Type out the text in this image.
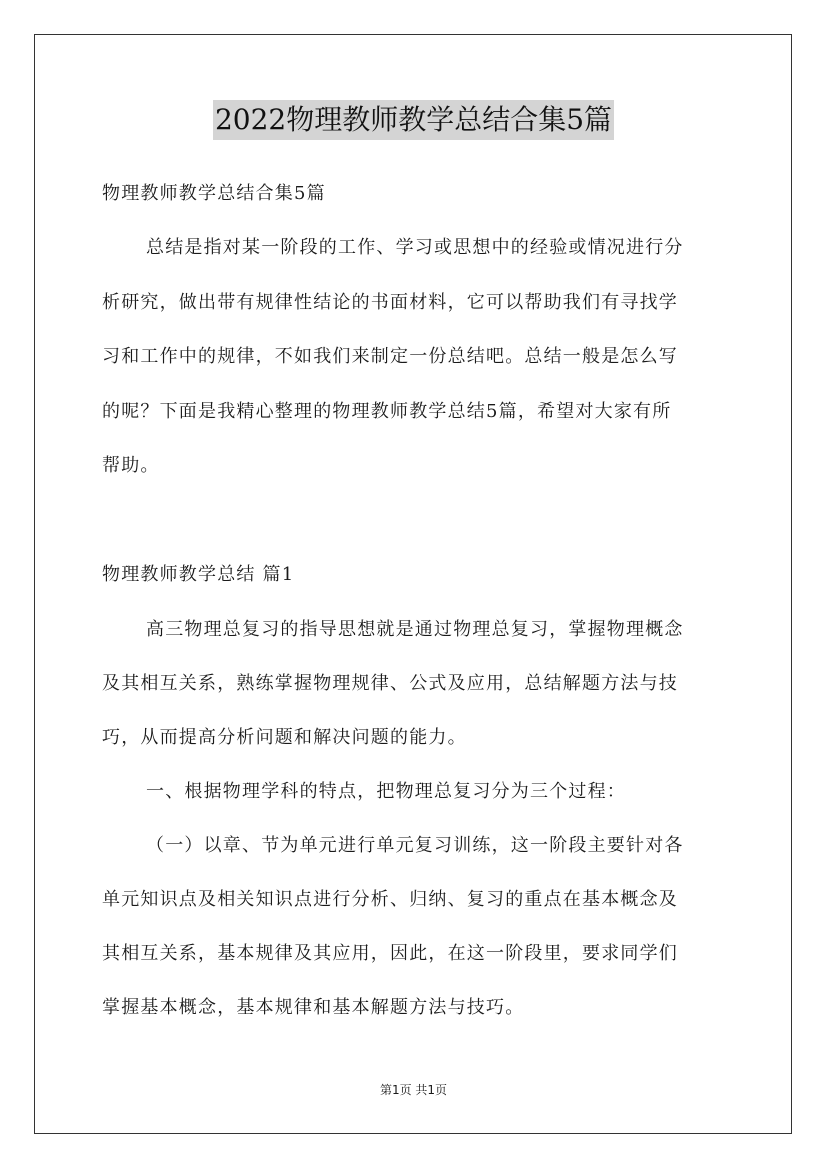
2022物理教师教学总结合集5篇
物理教师教学总结合集5篇
总结是指对某一阶段的工作、学习或思想中的经验或情况进行分
析研究，做出带有规律性结论的书面材料，它可以帮助我们有寻找学
习和工作中的规律，不如我们来制定一份总结吧。总结一般是怎么写
的呢？下面是我精心整理的物理教师教学总结5篇，希望对大家有所
帮助。
物理教师教学总结 篇1
高三物理总复习的指导思想就是通过物理总复习，掌握物理概念
及其相互关系，熟练掌握物理规律、公式及应用，总结解题方法与技
巧，从而提高分析问题和解决问题的能力。
一、根据物理学科的特点，把物理总复习分为三个过程：
（一）以章、节为单元进行单元复习训练，这一阶段主要针对各
单元知识点及相关知识点进行分析、归纳、复习的重点在基本概念及
其相互关系，基本规律及其应用，因此，在这一阶段里，要求同学们
掌握基本概念，基本规律和基本解题方法与技巧。
第1页 共1页
